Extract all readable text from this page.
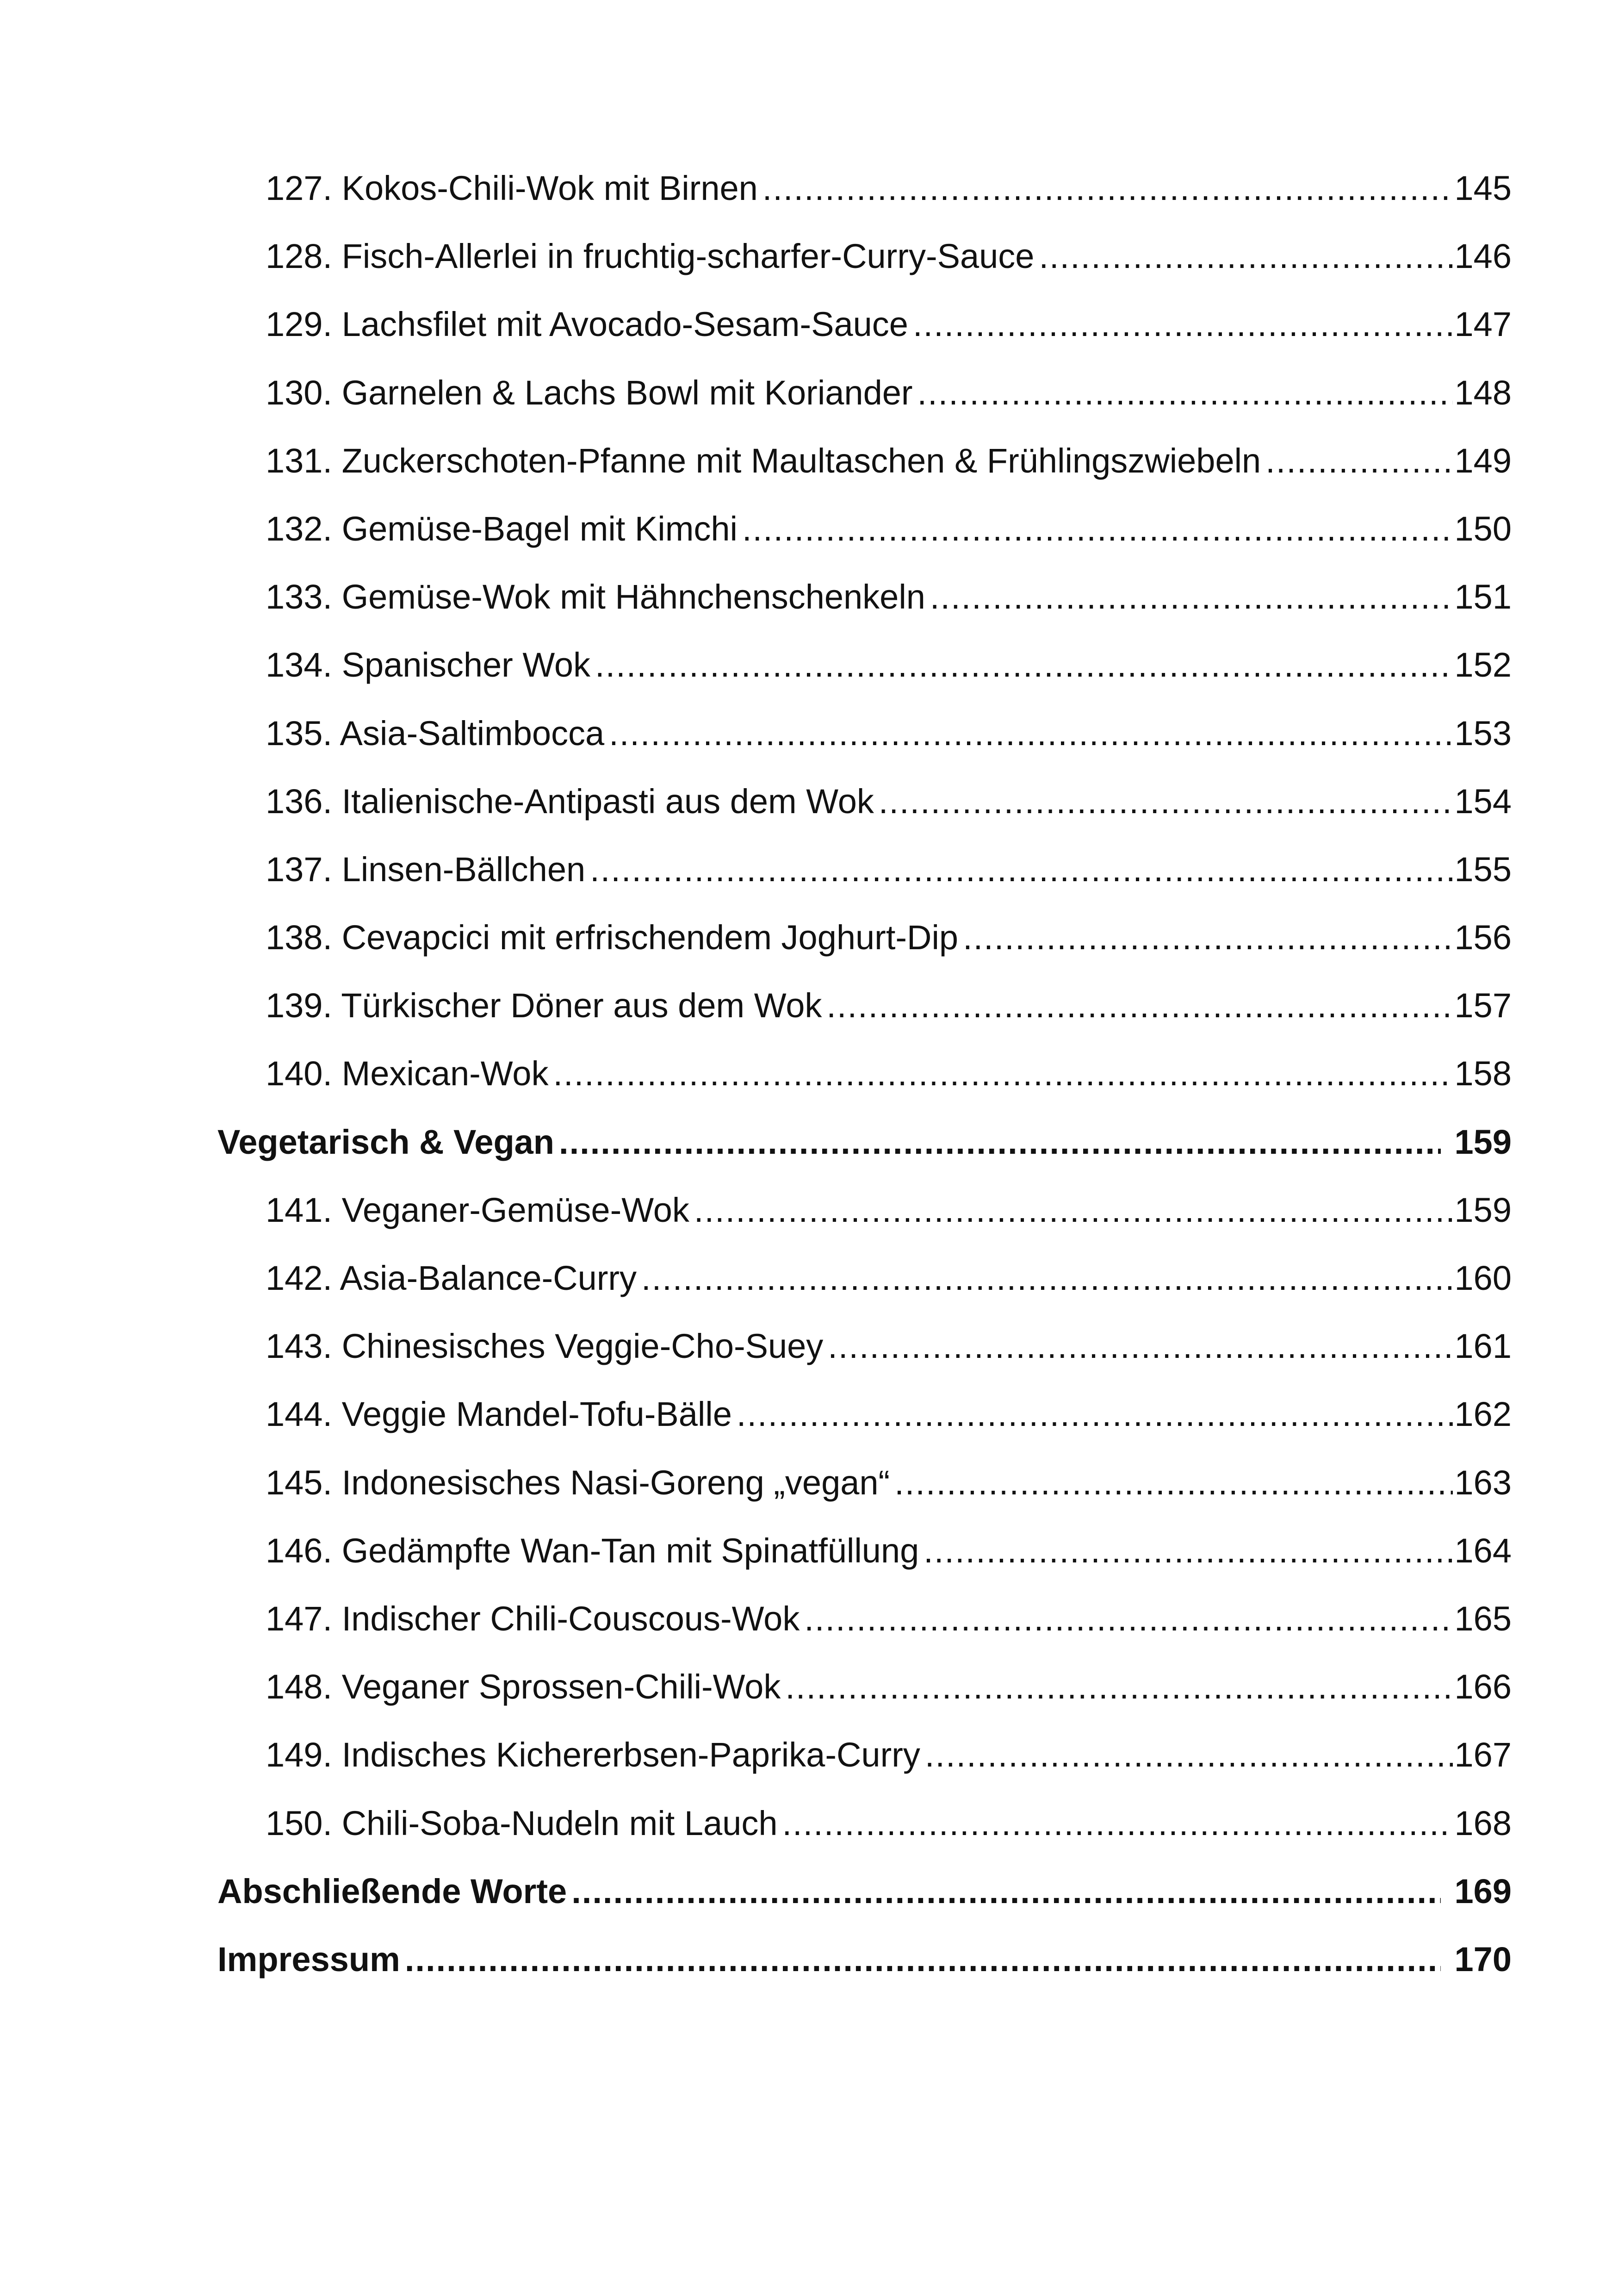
127. Kokos-Chili-Wok mit Birnen .....	145
128. Fisch-Allerlei in fruchtig-scharfer-Curry-Sauce .....	146
129. Lachsfilet mit Avocado-Sesam-Sauce .....	147
130. Garnelen & Lachs Bowl mit Koriander .....	148
131. Zuckerschoten-Pfanne mit Maultaschen & Frühlingszwiebeln .....	149
132. Gemüse-Bagel mit Kimchi .....	150
133. Gemüse-Wok mit Hähnchenschenkeln .....	151
134. Spanischer Wok .....	152
135. Asia-Saltimbocca .....	153
136. Italienische-Antipasti aus dem Wok .....	154
137. Linsen-Bällchen .....	155
138. Cevapcici mit erfrischendem Joghurt-Dip .....	156
139. Türkischer Döner aus dem Wok .....	157
140. Mexican-Wok .....	158
Vegetarisch & Vegan .....	159
141. Veganer-Gemüse-Wok .....	159
142. Asia-Balance-Curry .....	160
143. Chinesisches Veggie-Cho-Suey .....	161
144. Veggie Mandel-Tofu-Bälle .....	162
145. Indonesisches Nasi-Goreng „vegan“ .....	163
146. Gedämpfte Wan-Tan mit Spinatfüllung .....	164
147. Indischer Chili-Couscous-Wok .....	165
148. Veganer Sprossen-Chili-Wok .....	166
149. Indisches Kichererbsen-Paprika-Curry .....	167
150. Chili-Soba-Nudeln mit Lauch .....	168
Abschließende Worte .....	169
Impressum .....	170
